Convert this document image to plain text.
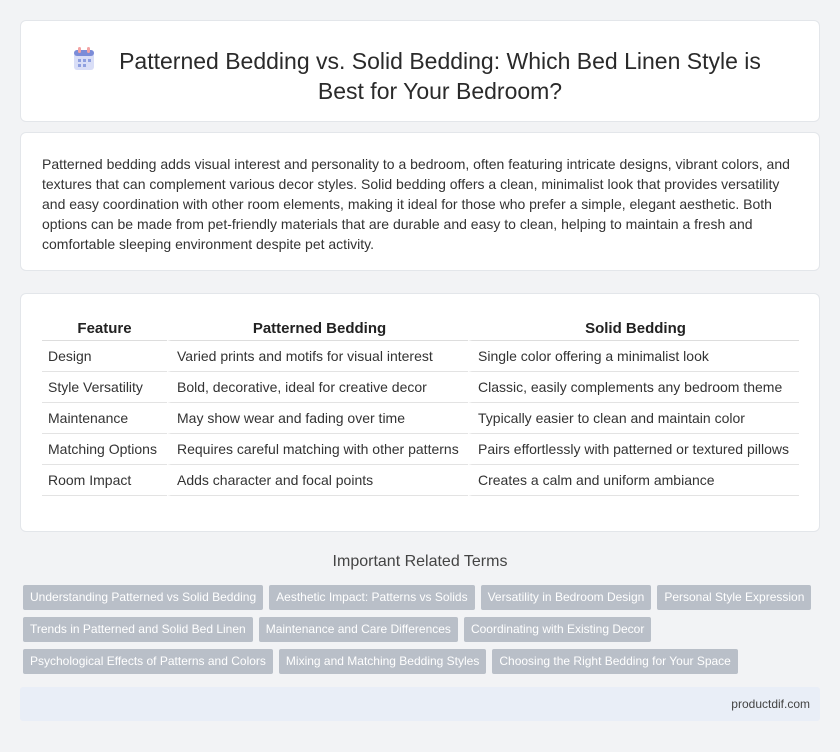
Patterned Bedding vs. Solid Bedding: Which Bed Linen Style is Best for Your Bedroom?

Patterned bedding adds visual interest and personality to a bedroom, often featuring intricate designs, vibrant colors, and textures that can complement various decor styles. Solid bedding offers a clean, minimalist look that provides versatility and easy coordination with other room elements, making it ideal for those who prefer a simple, elegant aesthetic. Both options can be made from pet-friendly materials that are durable and easy to clean, helping to maintain a fresh and comfortable sleeping environment despite pet activity.

Feature	Patterned Bedding	Solid Bedding
Design	Varied prints and motifs for visual interest	Single color offering a minimalist look
Style Versatility	Bold, decorative, ideal for creative decor	Classic, easily complements any bedroom theme
Maintenance	May show wear and fading over time	Typically easier to clean and maintain color
Matching Options	Requires careful matching with other patterns	Pairs effortlessly with patterned or textured pillows
Room Impact	Adds character and focal points	Creates a calm and uniform ambiance
Important Related Terms
Understanding Patterned vs Solid Bedding Aesthetic Impact: Patterns vs Solids Versatility in Bedroom Design Personal Style Expression
Trends in Patterned and Solid Bed Linen Maintenance and Care Differences Coordinating with Existing Decor
Psychological Effects of Patterns and Colors Mixing and Matching Bedding Styles Choosing the Right Bedding for Your Space
productdif.com
